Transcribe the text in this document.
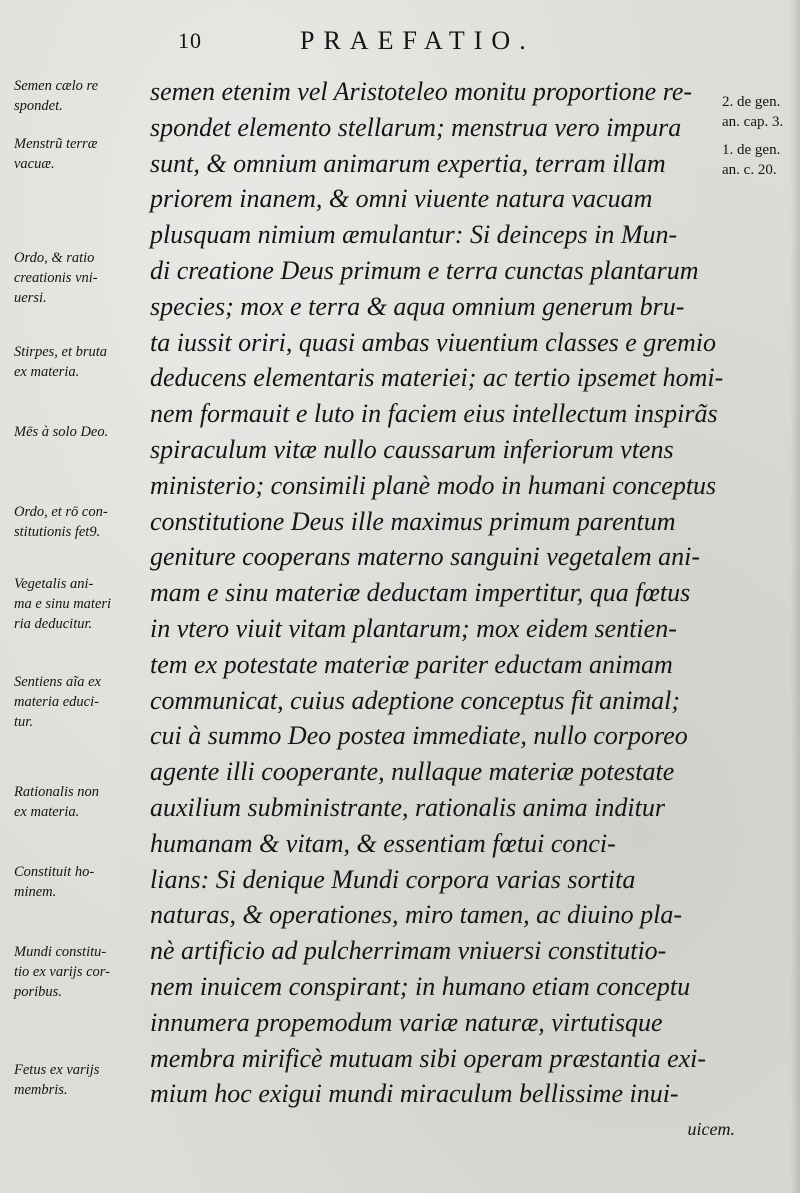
10	PRAEFATIO.
semen etenim vel Aristoteleo monitu proportione re-
spondet elemento stellarum; menstrua vero impura
sunt, & omnium animarum expertia, terram illam
priorem inanem, & omni viuente natura vacuam
plusquam nimium æmulantur: Si deinceps in Mun-
di creatione Deus primum e terra cunctas plantarum
species; mox e terra & aqua omnium generum bru-
ta iussit oriri, quasi ambas viuentium classes e gremio
deducens elementaris materiei; ac tertio ipsemet homi-
nem formauit e luto in faciem eius intellectum inspirãs
spiraculum vitæ nullo caussarum inferiorum vtens
ministerio; consimili planè modo in humani conceptus
constitutione Deus ille maximus primum parentum
geniture cooperans materno sanguini vegetalem ani-
mam e sinu materiæ deductam impertitur, qua fœtus
in vtero viuit vitam plantarum; mox eidem sentien-
tem ex potestate materiæ pariter eductam animam
communicat, cuius adeptione conceptus fit animal;
cui à summo Deo postea immediate, nullo corporeo
agente illi cooperante, nullaque materiæ potestate
auxilium subministrante, rationalis anima inditur
humanam & vitam, & essentiam fœtui conci-
lians: Si denique Mundi corpora varias sortita
naturas, & operationes, miro tamen, ac diuino pla-
nè artificio ad pulcherrimam vniuersi constitutio-
nem inuicem conspirant; in humano etiam conceptu
innumera propemodum variæ naturæ, virtutisque
membra mirificè mutuam sibi operam præstantia exi-
mium hoc exigui mundi miraculum bellissime inui-
uicem.
Semen cælo re
spondet.
Menstrũ terræ
vacuæ.
Ordo, & ratio
creationis vni-
uersi.
Stirpes, et bruta
ex materia.
Mēs à solo Deo.
Ordo, et rō con-
stitutionis fet9.
Vegetalis ani-
ma e sinu materi
ria deducitur.
Sentiens aĩa ex
materia educi-
tur.
Rationalis non
ex materia.
Constituit ho-
minem.
Mundi constitu-
tio ex varijs cor-
poribus.
Fetus ex varijs
membris.
2. de gen.
an. cap. 3.
1. de gen.
an. c. 20.
